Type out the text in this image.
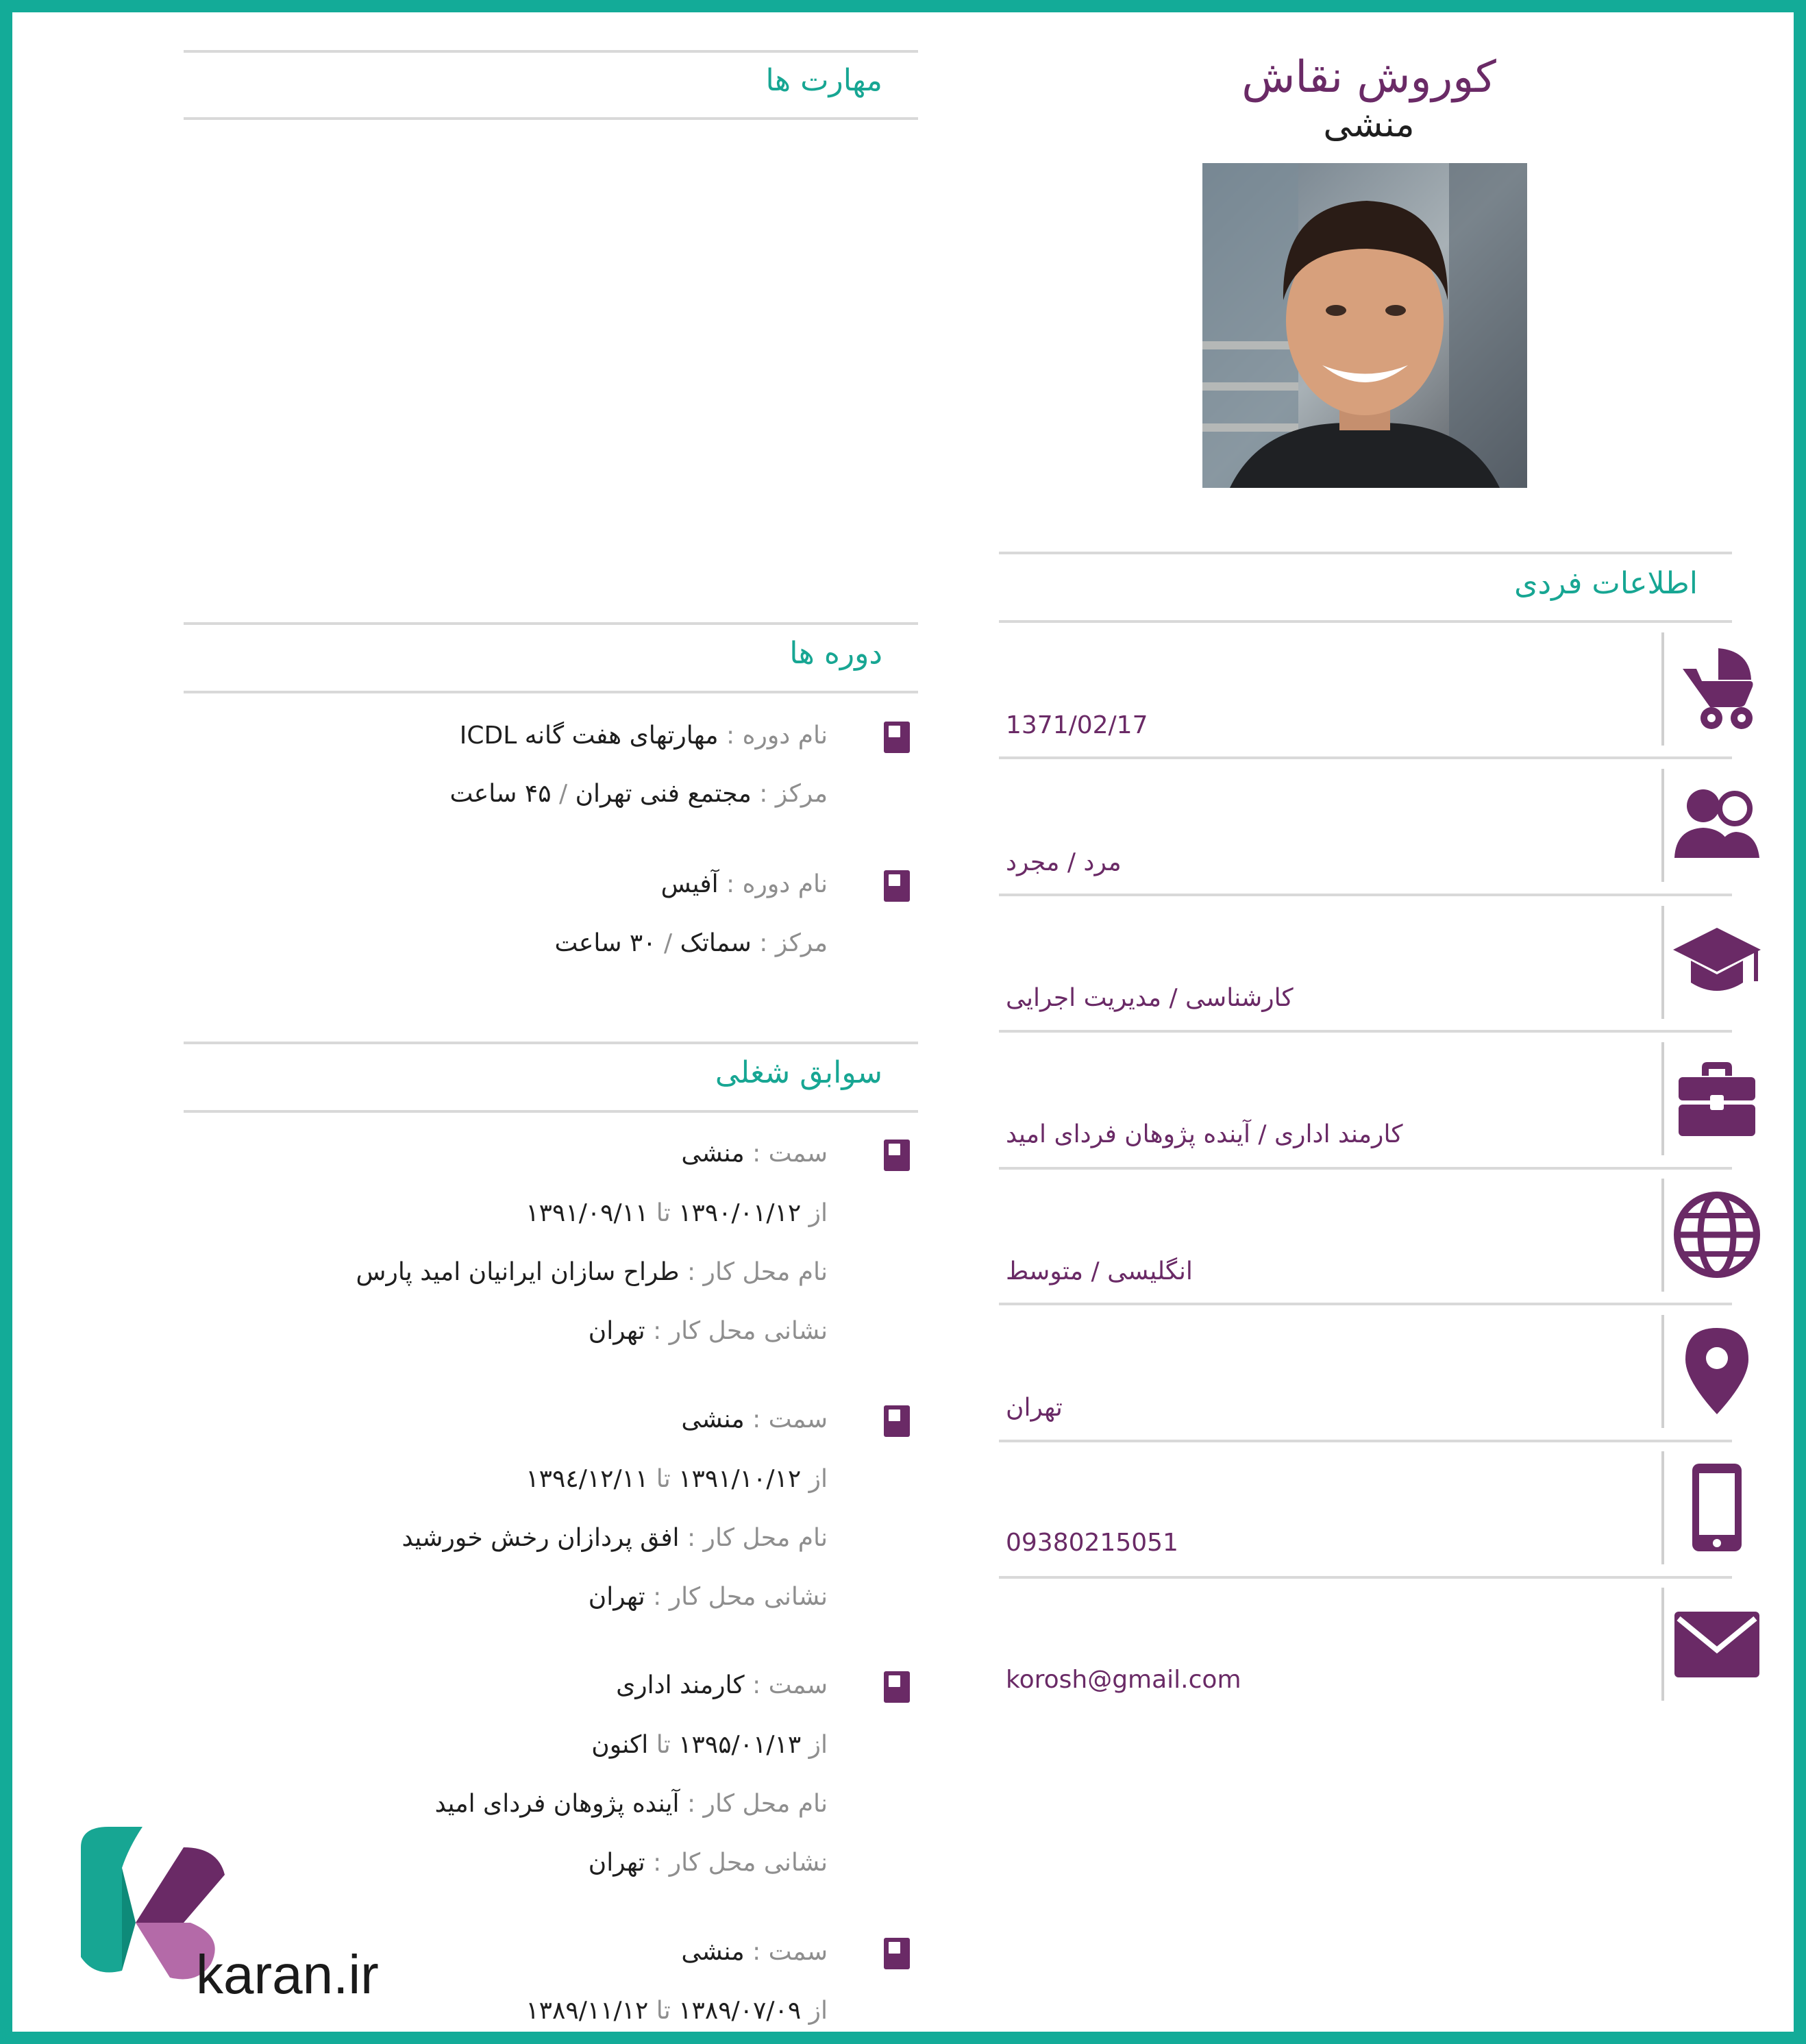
کوروش نقاش
منشی
مهارت ها
دوره ها
نام دوره : مهارتهای هفت گانه ICDL
مرکز : مجتمع فنی تهران / ۴۵ ساعت
نام دوره : آفیس
مرکز : سماتک / ۳۰ ساعت
سوابق شغلی
سمت : منشی
از ۱۳۹۰/۰۱/۱۲ تا ۱۳۹۱/۰۹/۱۱
نام محل کار : طراح سازان ایرانیان امید پارس
نشانی محل کار : تهران
سمت : منشی
از ۱۳۹۱/۱۰/۱۲ تا ۱۳۹٤/۱۲/۱۱
نام محل کار : افق پردازان رخش خورشید
نشانی محل کار : تهران
سمت : کارمند اداری
از ۱۳۹۵/۰۱/۱۳ تا اکنون
نام محل کار : آینده پژوهان فردای امید
نشانی محل کار : تهران
سمت : منشی
از ۱۳۸۹/۰۷/۰۹ تا ۱۳۸۹/۱۱/۱۲
اطلاعات فردی
1371/02/17
مرد / مجرد
کارشناسی / مدیریت اجرایی
کارمند اداری / آینده پژوهان فردای امید
انگلیسی / متوسط
تهران
09380215051
korosh@gmail.com
karan.ir
